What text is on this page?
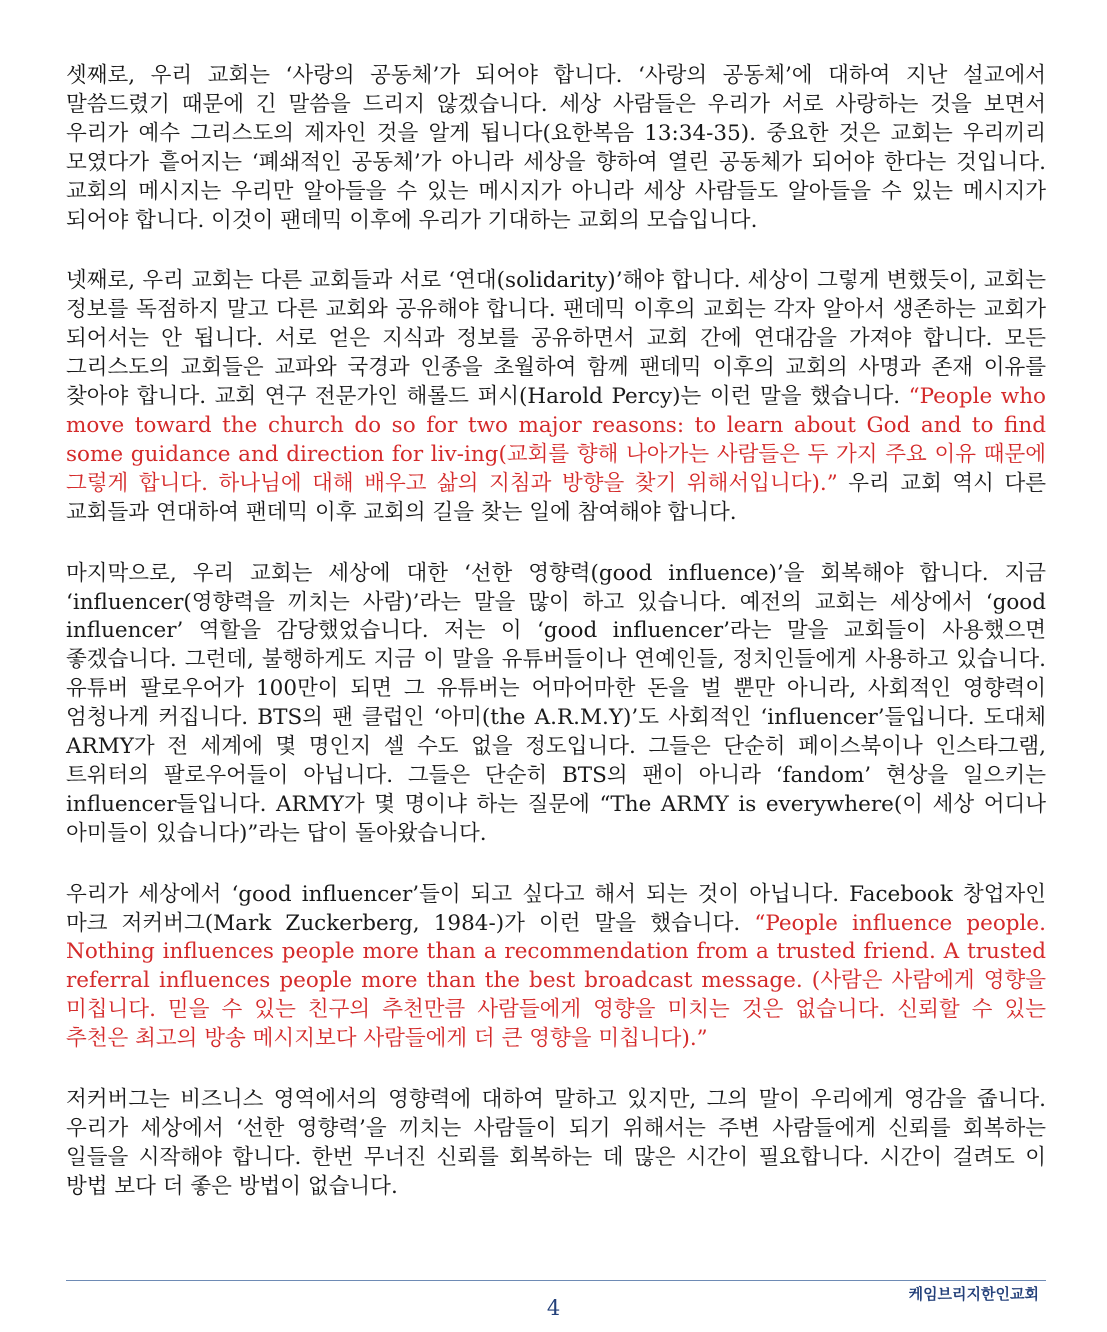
셋째로, 우리 교회는 ‘사랑의 공동체’가 되어야 합니다. ‘사랑의 공동체’에 대하여 지난 설교에서 말씀드렸기 때문에 긴 말씀을 드리지 않겠습니다. 세상 사람들은 우리가 서로 사랑하는 것을 보면서 우리가 예수 그리스도의 제자인 것을 알게 됩니다(요한복음 13:34-35). 중요한 것은 교회는 우리끼리 모였다가 흩어지는 ‘폐쇄적인 공동체’가 아니라 세상을 향하여 열린 공동체가 되어야 한다는 것입니다. 교회의 메시지는 우리만 알아들을 수 있는 메시지가 아니라 세상 사람들도 알아들을 수 있는 메시지가 되어야 합니다. 이것이 팬데믹 이후에 우리가 기대하는 교회의 모습입니다.

넷째로, 우리 교회는 다른 교회들과 서로 ‘연대(solidarity)’해야 합니다. 세상이 그렇게 변했듯이, 교회는 정보를 독점하지 말고 다른 교회와 공유해야 합니다. 팬데믹 이후의 교회는 각자 알아서 생존하는 교회가 되어서는 안 됩니다. 서로 얻은 지식과 정보를 공유하면서 교회 간에 연대감을 가져야 합니다. 모든 그리스도의 교회들은 교파와 국경과 인종을 초월하여 함께 팬데믹 이후의 교회의 사명과 존재 이유를 찾아야 합니다. 교회 연구 전문가인 해롤드 퍼시(Harold Percy)는 이런 말을 했습니다. “People who move toward the church do so for two major reasons: to learn about God and to find some guidance and direction for liv-ing(교회를 향해 나아가는 사람들은 두 가지 주요 이유 때문에 그렇게 합니다. 하나님에 대해 배우고 삶의 지침과 방향을 찾기 위해서입니다).” 우리 교회 역시 다른 교회들과 연대하여 팬데믹 이후 교회의 길을 찾는 일에 참여해야 합니다.

마지막으로, 우리 교회는 세상에 대한 ‘선한 영향력(good influence)’을 회복해야 합니다. 지금 ‘influencer(영향력을 끼치는 사람)’라는 말을 많이 하고 있습니다. 예전의 교회는 세상에서 ‘good influencer’ 역할을 감당했었습니다. 저는 이 ‘good influencer’라는 말을 교회들이 사용했으면 좋겠습니다. 그런데, 불행하게도 지금 이 말을 유튜버들이나 연예인들, 정치인들에게 사용하고 있습니다. 유튜버 팔로우어가 100만이 되면 그 유튜버는 어마어마한 돈을 벌 뿐만 아니라, 사회적인 영향력이 엄청나게 커집니다. BTS의 팬 클럽인 ‘아미(the A.R.M.Y)’도 사회적인 ‘influencer’들입니다. 도대체 ARMY가 전 세계에 몇 명인지 셀 수도 없을 정도입니다. 그들은 단순히 페이스북이나 인스타그램, 트위터의 팔로우어들이 아닙니다. 그들은 단순히 BTS의 팬이 아니라 ‘fandom’ 현상을 일으키는 influencer들입니다. ARMY가 몇 명이냐 하는 질문에 “The ARMY is everywhere(이 세상 어디나 아미들이 있습니다)”라는 답이 돌아왔습니다.

우리가 세상에서 ‘good influencer’들이 되고 싶다고 해서 되는 것이 아닙니다. Facebook 창업자인 마크 저커버그(Mark Zuckerberg, 1984-)가 이런 말을 했습니다. “People influence people. Nothing influences people more than a recommendation from a trusted friend. A trusted referral influences people more than the best broadcast message. (사람은 사람에게 영향을 미칩니다. 믿을 수 있는 친구의 추천만큼 사람들에게 영향을 미치는 것은 없습니다. 신뢰할 수 있는 추천은 최고의 방송 메시지보다 사람들에게 더 큰 영향을 미칩니다).”

저커버그는 비즈니스 영역에서의 영향력에 대하여 말하고 있지만, 그의 말이 우리에게 영감을 줍니다. 우리가 세상에서 ‘선한 영향력’을 끼치는 사람들이 되기 위해서는 주변 사람들에게 신뢰를 회복하는 일들을 시작해야 합니다. 한번 무너진 신뢰를 회복하는 데 많은 시간이 필요합니다. 시간이 걸려도 이 방법 보다 더 좋은 방법이 없습니다.

케임브리지한인교회
4
